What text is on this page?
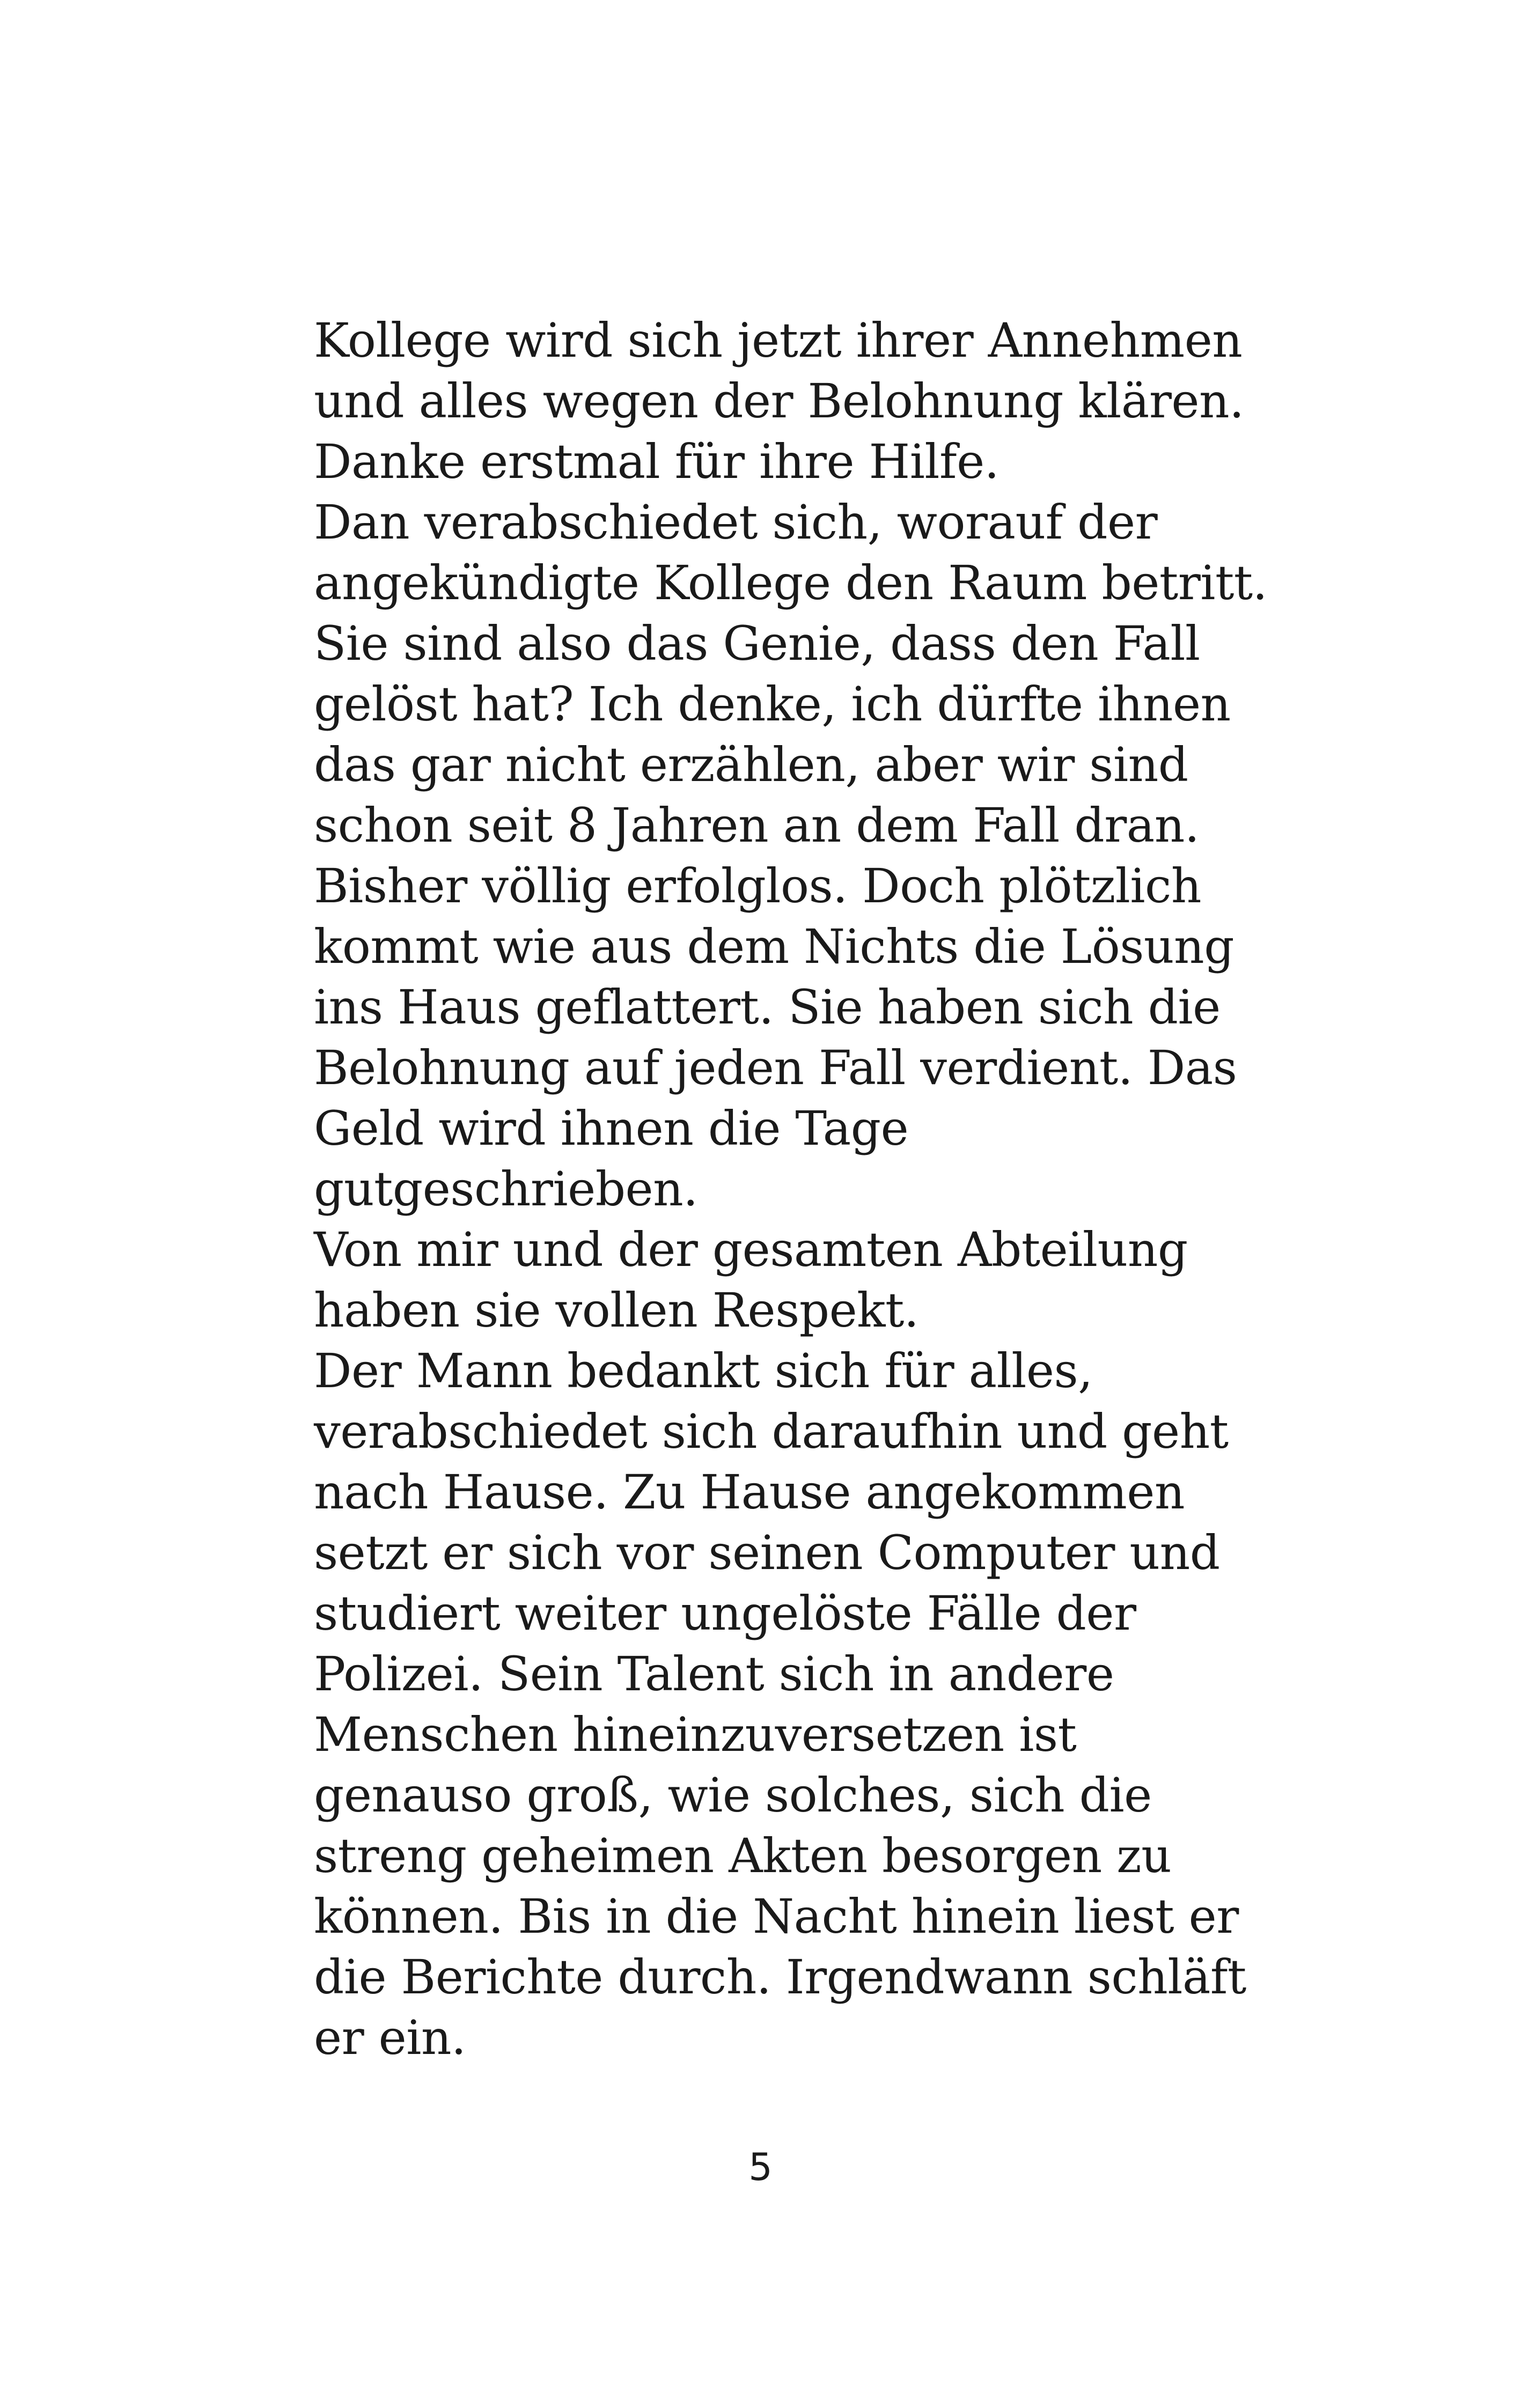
Kollege wird sich jetzt ihrer Annehmen
und alles wegen der Belohnung klären.
Danke erstmal für ihre Hilfe.
Dan verabschiedet sich, worauf der
angekündigte Kollege den Raum betritt.
Sie sind also das Genie, dass den Fall
gelöst hat? Ich denke, ich dürfte ihnen
das gar nicht erzählen, aber wir sind
schon seit 8 Jahren an dem Fall dran.
Bisher völlig erfolglos. Doch plötzlich
kommt wie aus dem Nichts die Lösung
ins Haus geflattert. Sie haben sich die
Belohnung auf jeden Fall verdient. Das
Geld wird ihnen die Tage
gutgeschrieben.
Von mir und der gesamten Abteilung
haben sie vollen Respekt.
Der Mann bedankt sich für alles,
verabschiedet sich daraufhin und geht
nach Hause. Zu Hause angekommen
setzt er sich vor seinen Computer und
studiert weiter ungelöste Fälle der
Polizei. Sein Talent sich in andere
Menschen hineinzuversetzen ist
genauso groß, wie solches, sich die
streng geheimen Akten besorgen zu
können. Bis in die Nacht hinein liest er
die Berichte durch. Irgendwann schläft
er ein.
5
